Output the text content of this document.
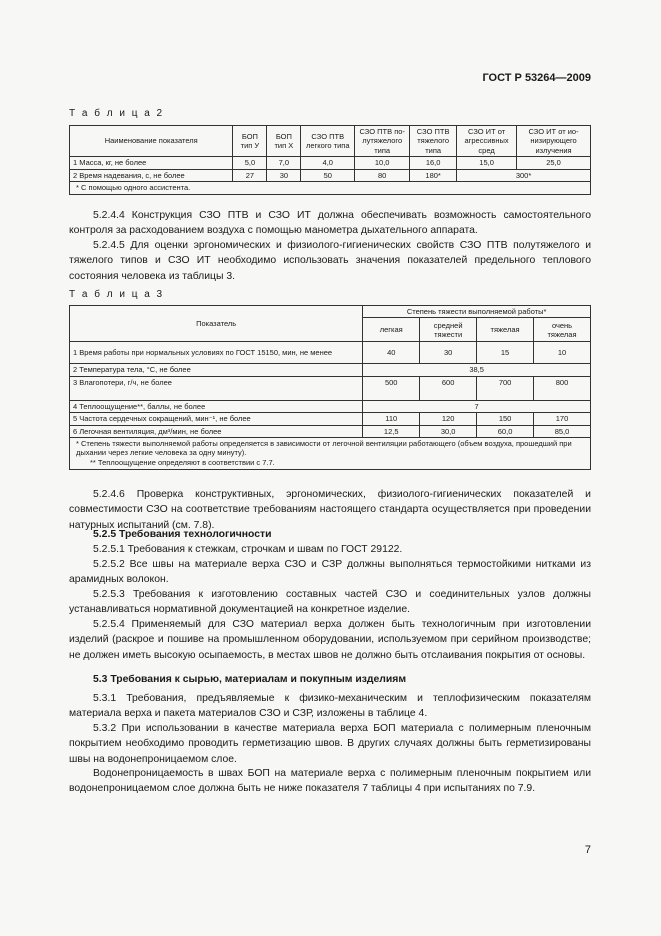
ГОСТ Р 53264—2009
Т а б л и ц а 2
Наименование показателя	БОП тип У	БОП тип Х	СЗО ПТВ легкого типа	СЗО ПТВ по-лутяжелого типа	СЗО ПТВ тяжелого типа	СЗО ИТ от агрессивных сред	СЗО ИТ от ио-низирующего излучения
1 Масса, кг, не более	5,0	7,0	4,0	10,0	16,0	15,0	25,0
2 Время надевания, с, не более	27	30	50	80	180*	300*	
* С помощью одного ассистента.							

5.2.4.4 Конструкция СЗО ПТВ и СЗО ИТ должна обеспечивать возможность самостоятельного контроля за расходованием воздуха с помощью манометра дыхательного аппарата.

5.2.4.5 Для оценки эргономических и физиолого-гигиенических свойств СЗО ПТВ полутяжелого и тяжелого типов и СЗО ИТ необходимо использовать значения показателей предельного теплового состояния человека из таблицы 3.

Т а б л и ц а 3
Показатель	Степень тяжести выполняемой работы*			
	легкая	средней тяжести	тяжелая	очень тяжелая
1 Время работы при нормальных условиях по ГОСТ 15150, мин, не менее	40	30	15	10
2 Температура тела, °С, не более	38,5			
3 Влагопотери, г/ч, не более	500	600	700	800
4 Теплоощущение**, баллы, не более	7			
5 Частота сердечных сокращений, мин⁻¹, не более	110	120	150	170
6 Легочная вентиляция, дм³/мин, не более	12,5	30,0	60,0	85,0

* Степень тяжести выполняемой работы определяется в зависимости от легочной вентиляции работающего (объем воздуха, прошедший при дыхании через легкие человека за одну минуту).
** Теплоощущение определяют в соответствии с 7.7.				

5.2.4.6 Проверка конструктивных, эргономических, физиолого-гигиенических показателей и совместимости СЗО на соответствие требованиям настоящего стандарта осуществляется при проведении натурных испытаний (см. 7.8).

5.2.5 Требования технологичности

5.2.5.1 Требования к стежкам, строчкам и швам по ГОСТ 29122.

5.2.5.2 Все швы на материале верха СЗО и СЗР должны выполняться термостойкими нитками из арамидных волокон.

5.2.5.3 Требования к изготовлению составных частей СЗО и соединительных узлов должны устанавливаться нормативной документацией на конкретное изделие.

5.2.5.4 Применяемый для СЗО материал верха должен быть технологичным при изготовлении изделий (раскрое и пошиве на промышленном оборудовании, используемом при серийном производстве; не должен иметь высокую осыпаемость, в местах швов не должно быть отслаивания покрытия от основы.

5.3 Требования к сырью, материалам и покупным изделиям

5.3.1 Требования, предъявляемые к физико-механическим и теплофизическим показателям материала верха и пакета материалов СЗО и СЗР, изложены в таблице 4.

5.3.2 При использовании в качестве материала верха БОП материала с полимерным пленочным покрытием необходимо проводить герметизацию швов. В других случаях должны быть герметизированы швы на водонепроницаемом слое.

Водонепроницаемость в швах БОП на материале верха с полимерным пленочным покрытием или водонепроницаемом слое должна быть не ниже показателя 7 таблицы 4 при испытаниях по 7.9.

7
